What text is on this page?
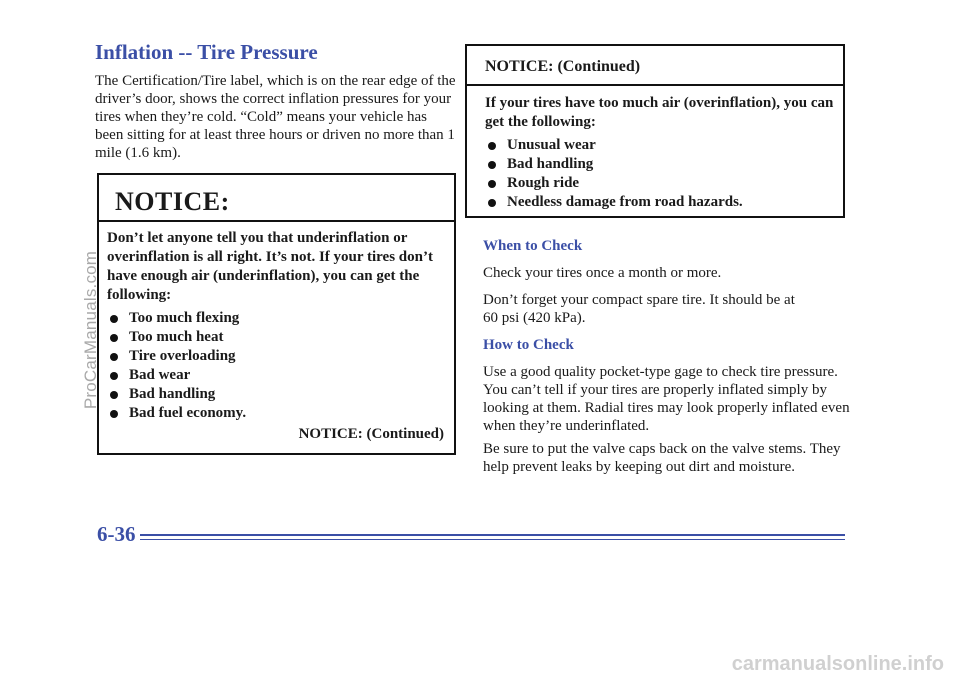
Inflation -- Tire Pressure

The Certification/Tire label, which is on the rear edge of the driver’s door, shows the correct inflation pressures for your tires when they’re cold. “Cold” means your vehicle has been sitting for at least three hours or driven no more than 1 mile (1.6 km).

NOTICE:
Don’t let anyone tell you that underinflation or overinflation is all right. It’s not. If your tires don’t have enough air (underinflation), you can get the following:
Too much flexing
Too much heat
Tire overloading
Bad wear
Bad handling
Bad fuel economy.
NOTICE: (Continued)
NOTICE: (Continued)
If your tires have too much air (overinflation), you can get the following:
Unusual wear
Bad handling
Rough ride
Needless damage from road hazards.
When to Check

Check your tires once a month or more.

Don’t forget your compact spare tire. It should be at 60 psi (420 kPa).

How to Check

Use a good quality pocket-type gage to check tire pressure. You can’t tell if your tires are properly inflated simply by looking at them. Radial tires may look properly inflated even when they’re underinflated.

Be sure to put the valve caps back on the valve stems. They help prevent leaks by keeping out dirt and moisture.

6-36
ProCarManuals.com
carmanualsonline.info
